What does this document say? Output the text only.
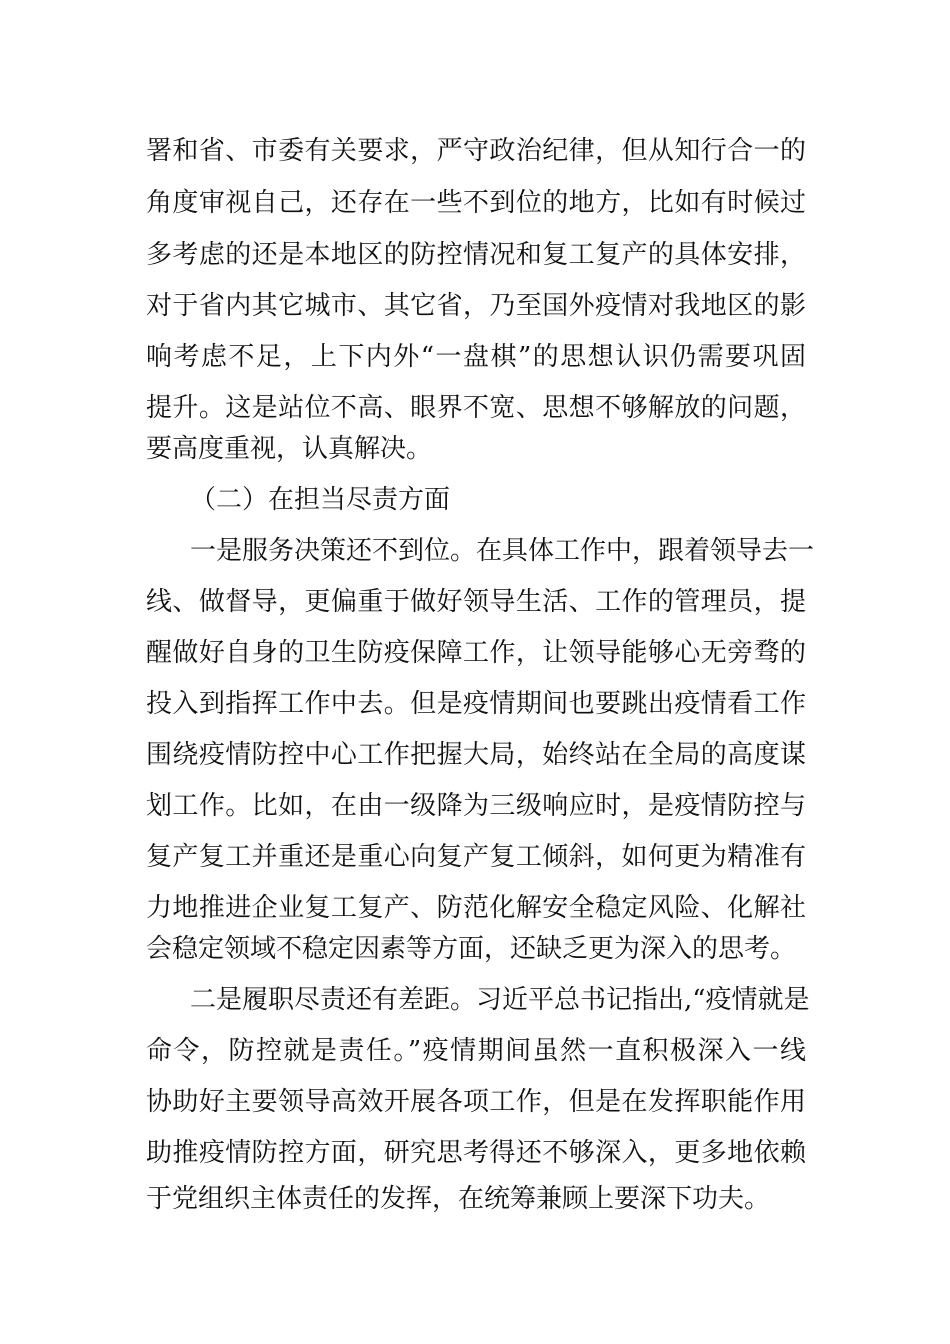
署和省、市委有关要求，严守政治纪律，但从知行合一的
角度审视自己，还存在一些不到位的地方，比如有时候过
多考虑的还是本地区的防控情况和复工复产的具体安排，
对于省内其它城市、其它省，乃至国外疫情对我地区的影
响考虑不足，上下内外“一盘棋”的思想认识仍需要巩固
提升。这是站位不高、眼界不宽、思想不够解放的问题，
要高度重视，认真解决。
（二）在担当尽责方面
一是服务决策还不到位。在具体工作中，跟着领导去一
线、做督导，更偏重于做好领导生活、工作的管理员，提
醒做好自身的卫生防疫保障工作，让领导能够心无旁骛的
投入到指挥工作中去。但是疫情期间也要跳出疫情看工作
围绕疫情防控中心工作把握大局，始终站在全局的高度谋
划工作。比如，在由一级降为三级响应时，是疫情防控与
复产复工并重还是重心向复产复工倾斜，如何更为精准有
力地推进企业复工复产、防范化解安全稳定风险、化解社
会稳定领域不稳定因素等方面，还缺乏更为深入的思考。
二是履职尽责还有差距。习近平总书记指出,“疫情就是
命令，防控就是责任。”疫情期间虽然一直积极深入一线
协助好主要领导高效开展各项工作，但是在发挥职能作用
助推疫情防控方面，研究思考得还不够深入，更多地依赖
于党组织主体责任的发挥，在统筹兼顾上要深下功夫。
